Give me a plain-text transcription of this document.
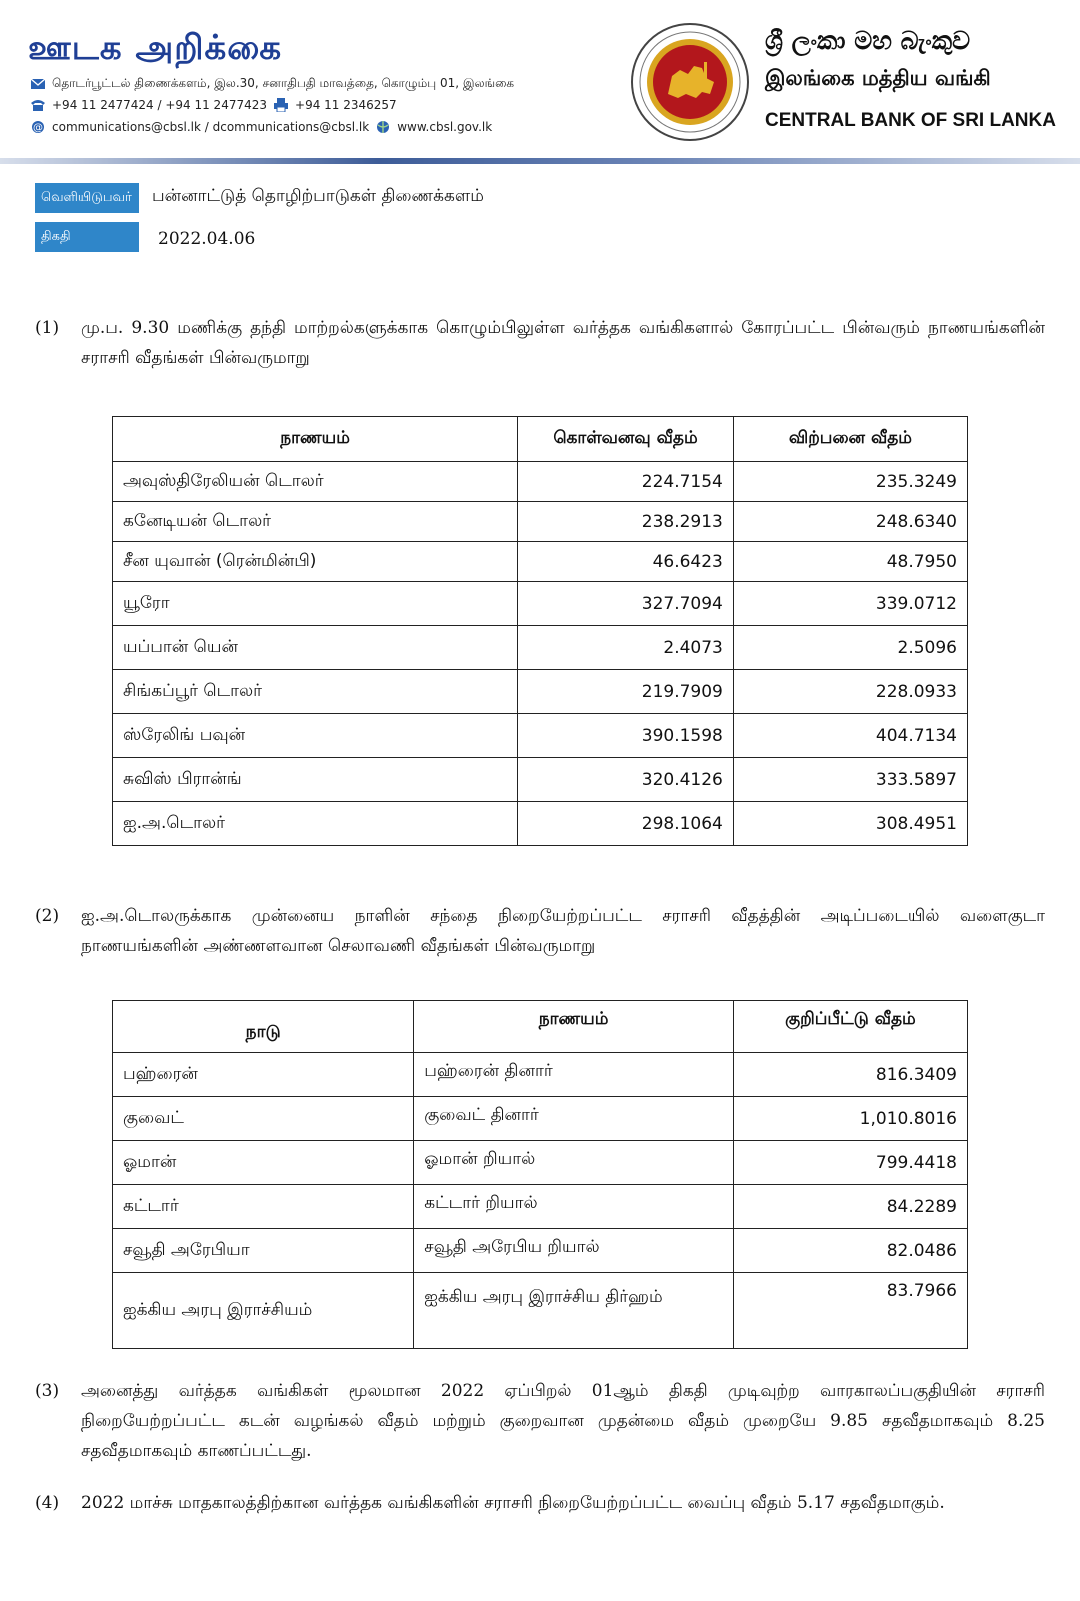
ஊடக அறிக்கை
தொடர்பூட்டல் திணைக்களம், இல.30, சனாதிபதி மாவத்தை, கொழும்பு 01, இலங்கை
+94 11 2477424 / +94 11 2477423 +94 11 2346257
@ communications@cbsl.lk / dcommunications@cbsl.lk www.cbsl.gov.lk
ශ්‍රී ලංකා මහ බැංකුව
இலங்கை மத்திய வங்கி
CENTRAL BANK OF SRI LANKA
வெளியிடுபவர்	பன்னாட்டுத் தொழிற்பாடுகள் திணைக்களம்
திகதி	2022.04.06
(1) மு.ப. 9.30 மணிக்கு தந்தி மாற்றல்களுக்காக கொழும்பிலுள்ள வர்த்தக வங்கிகளால் கோரப்பட்ட பின்வரும் நாணயங்களின் சராசரி வீதங்கள் பின்வருமாறு
நாணயம்	கொள்வனவு வீதம்	விற்பனை வீதம்
அவுஸ்திரேலியன் டொலர்	224.7154	235.3249
கனேடியன் டொலர்	238.2913	248.6340
சீன யுவான் (ரென்மின்பி)	46.6423	48.7950
யூரோ	327.7094	339.0712
யப்பான் யென்	2.4073	2.5096
சிங்கப்பூர் டொலர்	219.7909	228.0933
ஸ்ரேலிங் பவுன்	390.1598	404.7134
சுவிஸ் பிரான்ங்	320.4126	333.5897
ஐ.அ.டொலர்	298.1064	308.4951
(2) ஐ.அ.டொலருக்காக முன்னைய நாளின் சந்தை நிறையேற்றப்பட்ட சராசரி வீதத்தின் அடிப்படையில் வளைகுடா நாணயங்களின் அண்ணளவான செலாவணி வீதங்கள் பின்வருமாறு
நாடு	நாணயம்	குறிப்பீட்டு வீதம்
பஹ்ரைன்	பஹ்ரைன் தினார்	816.3409
குவைட்	குவைட் தினார்	1,010.8016
ஓமான்	ஓமான் றியால்	799.4418
கட்டார்	கட்டார் றியால்	84.2289
சவூதி அரேபியா	சவூதி அரேபிய றியால்	82.0486
ஐக்கிய அரபு இராச்சியம்	ஐக்கிய அரபு இராச்சிய திர்ஹம்	83.7966
(3) அனைத்து வர்த்தக வங்கிகள் மூலமான 2022 ஏப்பிறல் 01ஆம் திகதி முடிவுற்ற வாரகாலப்பகுதியின் சராசரி நிறையேற்றப்பட்ட கடன் வழங்கல் வீதம் மற்றும் குறைவான முதன்மை வீதம் முறையே 9.85 சதவீதமாகவும் 8.25 சதவீதமாகவும் காணப்பட்டது.
(4) 2022 மாச்சு மாதகாலத்திற்கான வர்த்தக வங்கிகளின் சராசரி நிறையேற்றப்பட்ட வைப்பு வீதம் 5.17 சதவீதமாகும்.
